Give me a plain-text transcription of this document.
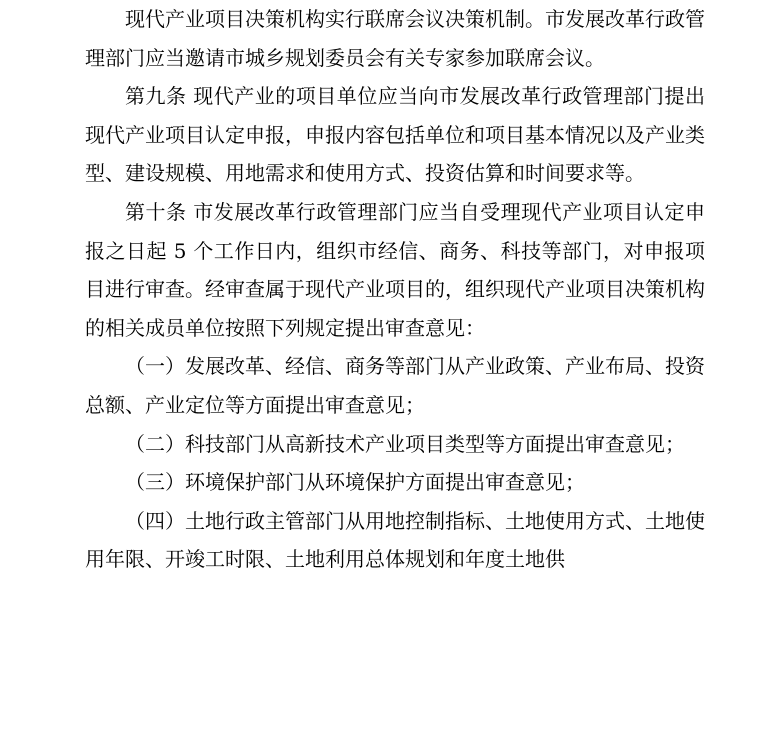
现代产业项目决策机构实行联席会议决策机制。市发展改革行政管理部门应当邀请市城乡规划委员会有关专家参加联席会议。

第九条 现代产业的项目单位应当向市发展改革行政管理部门提出现代产业项目认定申报，申报内容包括单位和项目基本情况以及产业类型、建设规模、用地需求和使用方式、投资估算和时间要求等。

第十条 市发展改革行政管理部门应当自受理现代产业项目认定申报之日起 5 个工作日内，组织市经信、商务、科技等部门，对申报项目进行审查。经审查属于现代产业项目的，组织现代产业项目决策机构的相关成员单位按照下列规定提出审查意见：

（一）发展改革、经信、商务等部门从产业政策、产业布局、投资总额、产业定位等方面提出审查意见；

（二）科技部门从高新技术产业项目类型等方面提出审查意见；

（三）环境保护部门从环境保护方面提出审查意见；

（四）土地行政主管部门从用地控制指标、土地使用方式、土地使用年限、开竣工时限、土地利用总体规划和年度土地供
